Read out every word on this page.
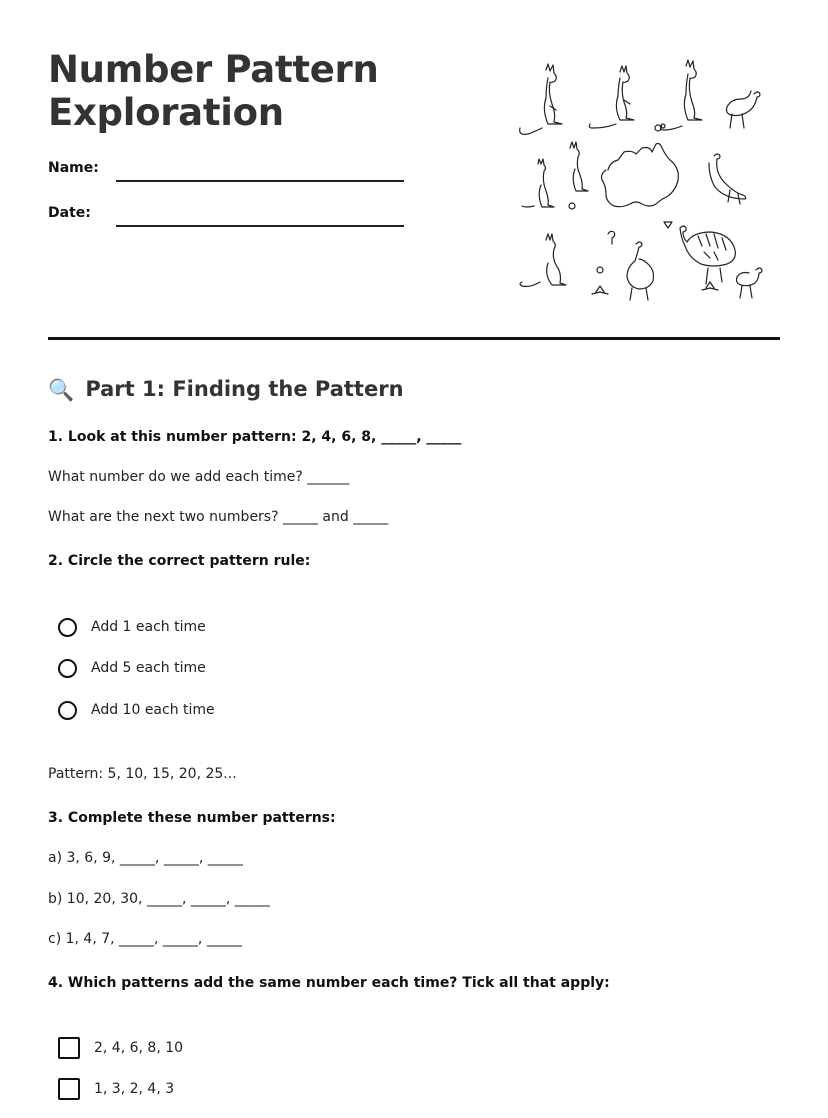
Number Pattern
Exploration
Name:
Date:
🔍 Part 1: Finding the Pattern
1. Look at this number pattern: 2, 4, 6, 8, _____, _____
What number do we add each time? ______
What are the next two numbers? _____ and _____
2. Circle the correct pattern rule:
Add 1 each time
Add 5 each time
Add 10 each time
Pattern: 5, 10, 15, 20, 25...
3. Complete these number patterns:
a) 3, 6, 9, _____, _____, _____
b) 10, 20, 30, _____, _____, _____
c) 1, 4, 7, _____, _____, _____
4. Which patterns add the same number each time? Tick all that apply:
2, 4, 6, 8, 10
1, 3, 2, 4, 3
